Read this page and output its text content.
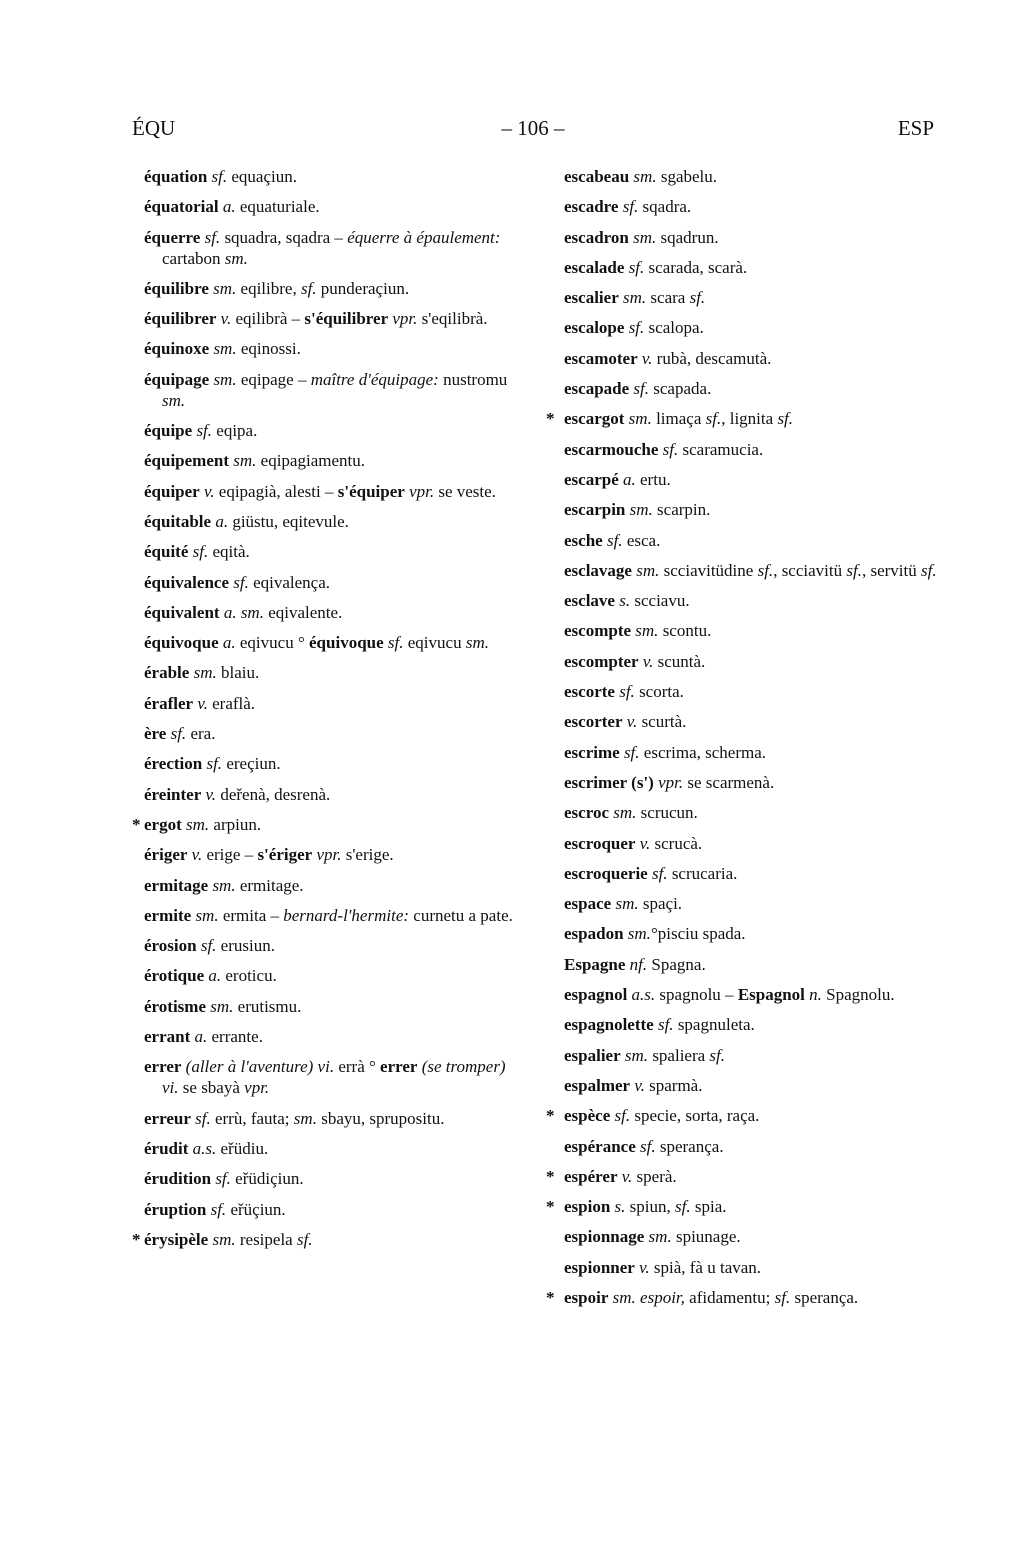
ÉQU	– 106 –	ESP
équation sf. equaçiun.
équatorial a. equaturiale.
équerre sf. squadra, sqadra – équerre à épaulement: cartabon sm.
équilibre sm. eqilibre, sf. punderaçiun.
équilibrer v. eqilibrà – s'équilibrer vpr. s'eqilibrà.
équinoxe sm. eqinossi.
équipage sm. eqipage – maître d'équipage: nustromu sm.
équipe sf. eqipa.
équipement sm. eqipagiamentu.
équiper v. eqipagià, alesti – s'équiper vpr. se veste.
équitable a. giüstu, eqitevule.
équité sf. eqità.
équivalence sf. eqivalença.
équivalent a. sm. eqivalente.
équivoque a. eqivucu ° équivoque sf. eqivucu sm.
érable sm. blaiu.
érafler v. eraflà.
ère sf. era.
érection sf. ereçiun.
éreinter v. deřenà, desrenà.
* ergot sm. arpiun.
ériger v. erige – s'ériger vpr. s'erige.
ermitage sm. ermitage.
ermite sm. ermita – bernard-l'hermite: curnetu a pate.
érosion sf. erusiun.
érotique a. eroticu.
érotisme sm. erutismu.
errant a. errante.
errer (aller à l'aventure) vi. errà ° errer (se tromper) vi. se sbayà vpr.
erreur sf. errù, fauta; sm. sbayu, sprupositu.
érudit a.s. eřüdiu.
érudition sf. eřüdiçiun.
éruption sf. eřüçiun.
* érysipèle sm. resipela sf.
escabeau sm. sgabelu.
escadre sf. sqadra.
escadron sm. sqadrun.
escalade sf. scarada, scarà.
escalier sm. scara sf.
escalope sf. scalopa.
escamoter v. rubà, descamutà.
escapade sf. scapada.
* escargot sm. limaça sf., lignita sf.
escarmouche sf. scaramucia.
escarpé a. ertu.
escarpin sm. scarpin.
esche sf. esca.
esclavage sm. scciavitüdine sf., scciavitü sf., servitü sf.
esclave s. scciavu.
escompte sm. scontu.
escompter v. scuntà.
escorte sf. scorta.
escorter v. scurtà.
escrime sf. escrima, scherma.
escrimer (s') vpr. se scarmenà.
escroc sm. scrucun.
escroquer v. scrucà.
escroquerie sf. scrucaria.
espace sm. spaçi.
espadon sm.°pisciu spada.
Espagne nf. Spagna.
espagnol a.s. spagnolu – Espagnol n. Spagnolu.
espagnolette sf. spagnuleta.
espalier sm. spaliera sf.
espalmer v. sparmà.
* espèce sf. specie, sorta, raça.
espérance sf. sperança.
* espérer v. sperà.
* espion s. spiun, sf. spia.
espionnage sm. spiunage.
espionner v. spià, fà u tavan.
* espoir sm. espoir, afidamentu; sf. sperança.
